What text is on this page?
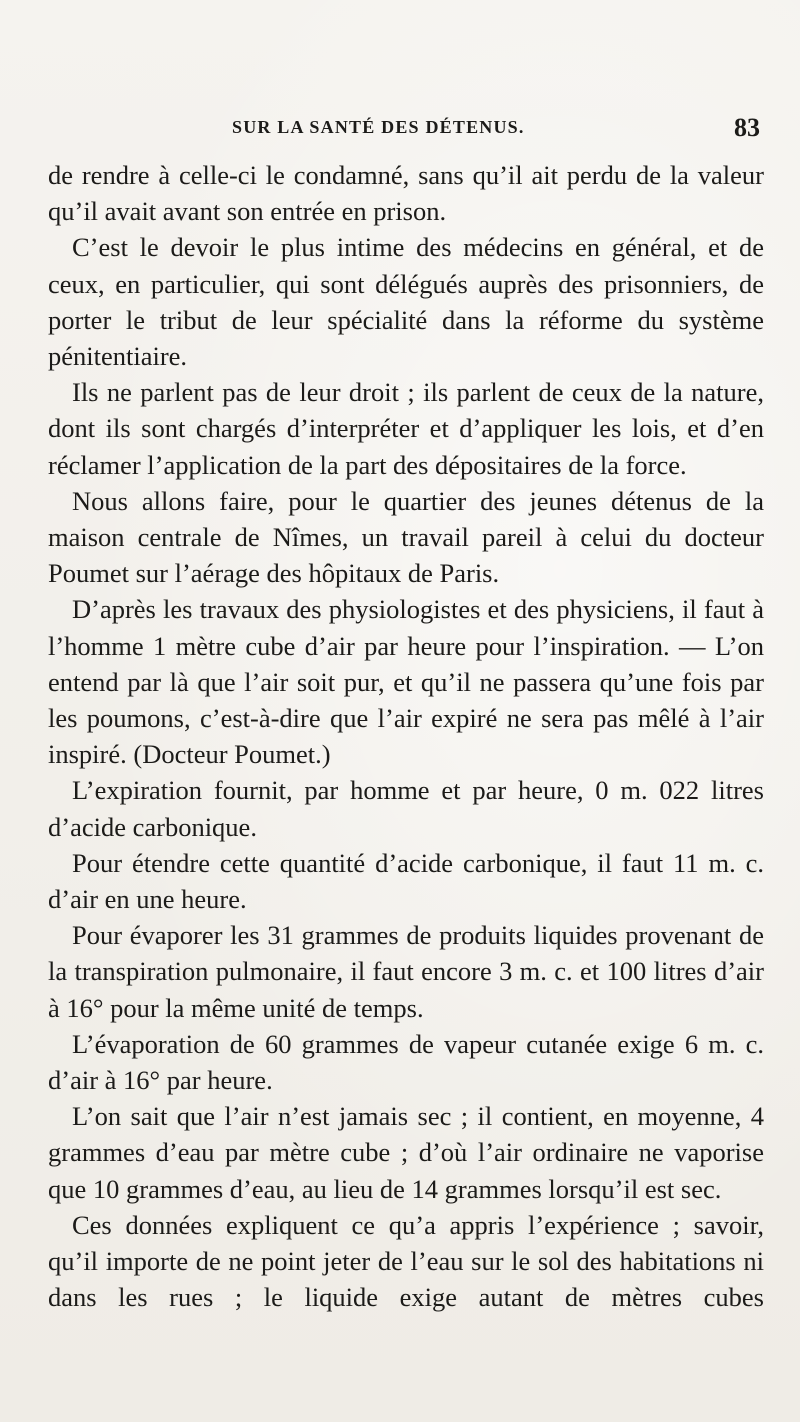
SUR LA SANTÉ DES DÉTENUS.	83

de rendre à celle-ci le condamné, sans qu’il ait perdu de la valeur qu’il avait avant son entrée en prison.

C’est le devoir le plus intime des médecins en général, et de ceux, en particulier, qui sont délégués auprès des prisonniers, de porter le tribut de leur spécialité dans la réforme du système pénitentiaire.

Ils ne parlent pas de leur droit ; ils parlent de ceux de la nature, dont ils sont chargés d’interpréter et d’appliquer les lois, et d’en réclamer l’application de la part des dépositaires de la force.

Nous allons faire, pour le quartier des jeunes détenus de la maison centrale de Nîmes, un travail pareil à celui du docteur Poumet sur l’aérage des hôpitaux de Paris.

D’après les travaux des physiologistes et des physiciens, il faut à l’homme 1 mètre cube d’air par heure pour l’inspiration. — L’on entend par là que l’air soit pur, et qu’il ne passera qu’une fois par les poumons, c’est-à-dire que l’air expiré ne sera pas mêlé à l’air inspiré. (Docteur Poumet.)

L’expiration fournit, par homme et par heure, 0 m. 022 litres d’acide carbonique.

Pour étendre cette quantité d’acide carbonique, il faut 11 m. c. d’air en une heure.

Pour évaporer les 31 grammes de produits liquides provenant de la transpiration pulmonaire, il faut encore 3 m. c. et 100 litres d’air à 16° pour la même unité de temps.

L’évaporation de 60 grammes de vapeur cutanée exige 6 m. c. d’air à 16° par heure.

L’on sait que l’air n’est jamais sec ; il contient, en moyenne, 4 grammes d’eau par mètre cube ; d’où l’air ordinaire ne vaporise que 10 grammes d’eau, au lieu de 14 grammes lorsqu’il est sec.

Ces données expliquent ce qu’a appris l’expérience ; savoir, qu’il importe de ne point jeter de l’eau sur le sol des habitations ni dans les rues ; le liquide exige autant de mètres cubes
